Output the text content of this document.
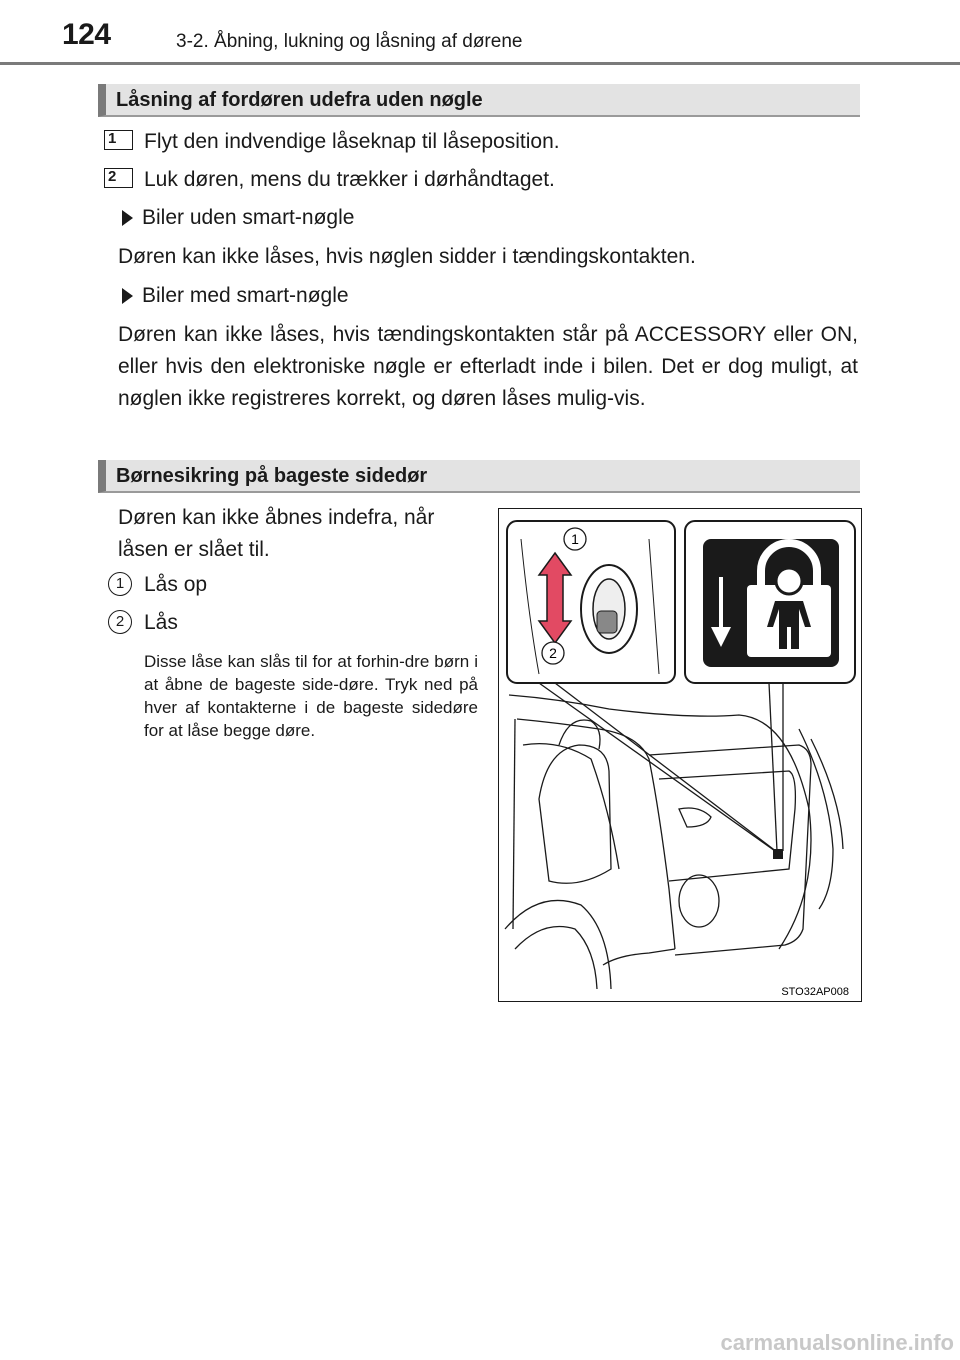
124	3-2. Åbning, lukning og låsning af dørene
Låsning af fordøren udefra uden nøgle
1	Flyt den indvendige låseknap til låseposition.
2	Luk døren, mens du trækker i dørhåndtaget.
Biler uden smart-nøgle
Døren kan ikke låses, hvis nøglen sidder i tændingskontakten.
Biler med smart-nøgle
Døren kan ikke låses, hvis tændingskontakten står på ACCESSORY eller ON, eller hvis den elektroniske nøgle er efterladt inde i bilen. Det er dog muligt, at nøglen ikke registreres korrekt, og døren låses mulig-vis.
Børnesikring på bageste sidedør
Døren kan ikke åbnes indefra, når låsen er slået til.
1 Lås op
2 Lås
Disse låse kan slås til for at forhin-dre børn i at åbne de bageste side-døre. Tryk ned på hver af kontakterne i de bageste sidedøre for at låse begge døre.
1
2
STO32AP008
carmanualsonline.info
